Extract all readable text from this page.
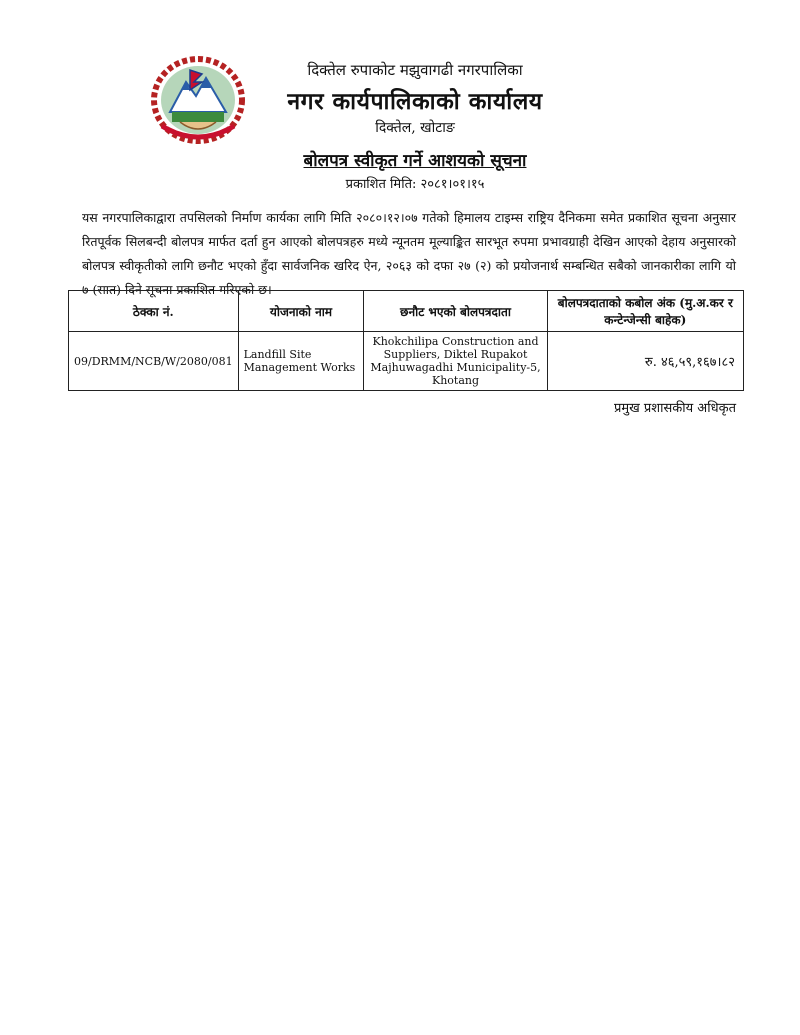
दिक्तेल रुपाकोट मझुवागढी नगरपालिका
नगर कार्यपालिकाको कार्यालय
दिक्तेल, खोटाङ
बोलपत्र स्वीकृत गर्ने आशयको सूचना
प्रकाशित मिति: २०८१।०१।१५
यस नगरपालिकाद्वारा तपसिलको निर्माण कार्यका लागि मिति २०८०।१२।०७ गतेको हिमालय टाइम्स राष्ट्रिय दैनिकमा समेत प्रकाशित सूचना अनुसार रितपूर्वक सिलबन्दी बोलपत्र मार्फत दर्ता हुन आएको बोलपत्रहरु मध्ये न्यूनतम मूल्याङ्कित सारभूत रुपमा प्रभावग्राही देखिन आएको देहाय अनुसारको बोलपत्र स्वीकृतीको लागि छनौट भएको हुँदा सार्वजनिक खरिद ऐन, २०६३ को दफा २७ (२) को प्रयोजनार्थ सम्बन्धित सबैको जानकारीका लागि यो ७ (सात) दिने सूचना प्रकाशित गरिएको छ।
ठेक्का नं.	योजनाको नाम	छनौट भएको बोलपत्रदाता	बोलपत्रदाताको कबोल अंक (मु.अ.कर र कन्टेन्जेन्सी बाहेक)
09/DRMM/NCB/W/2080/081	Landfill Site Management Works	Khokchilipa Construction and Suppliers, Diktel Rupakot Majhuwagadhi Municipality-5, Khotang	रु. ४६,५९,१६७।८२
प्रमुख प्रशासकीय अधिकृत
